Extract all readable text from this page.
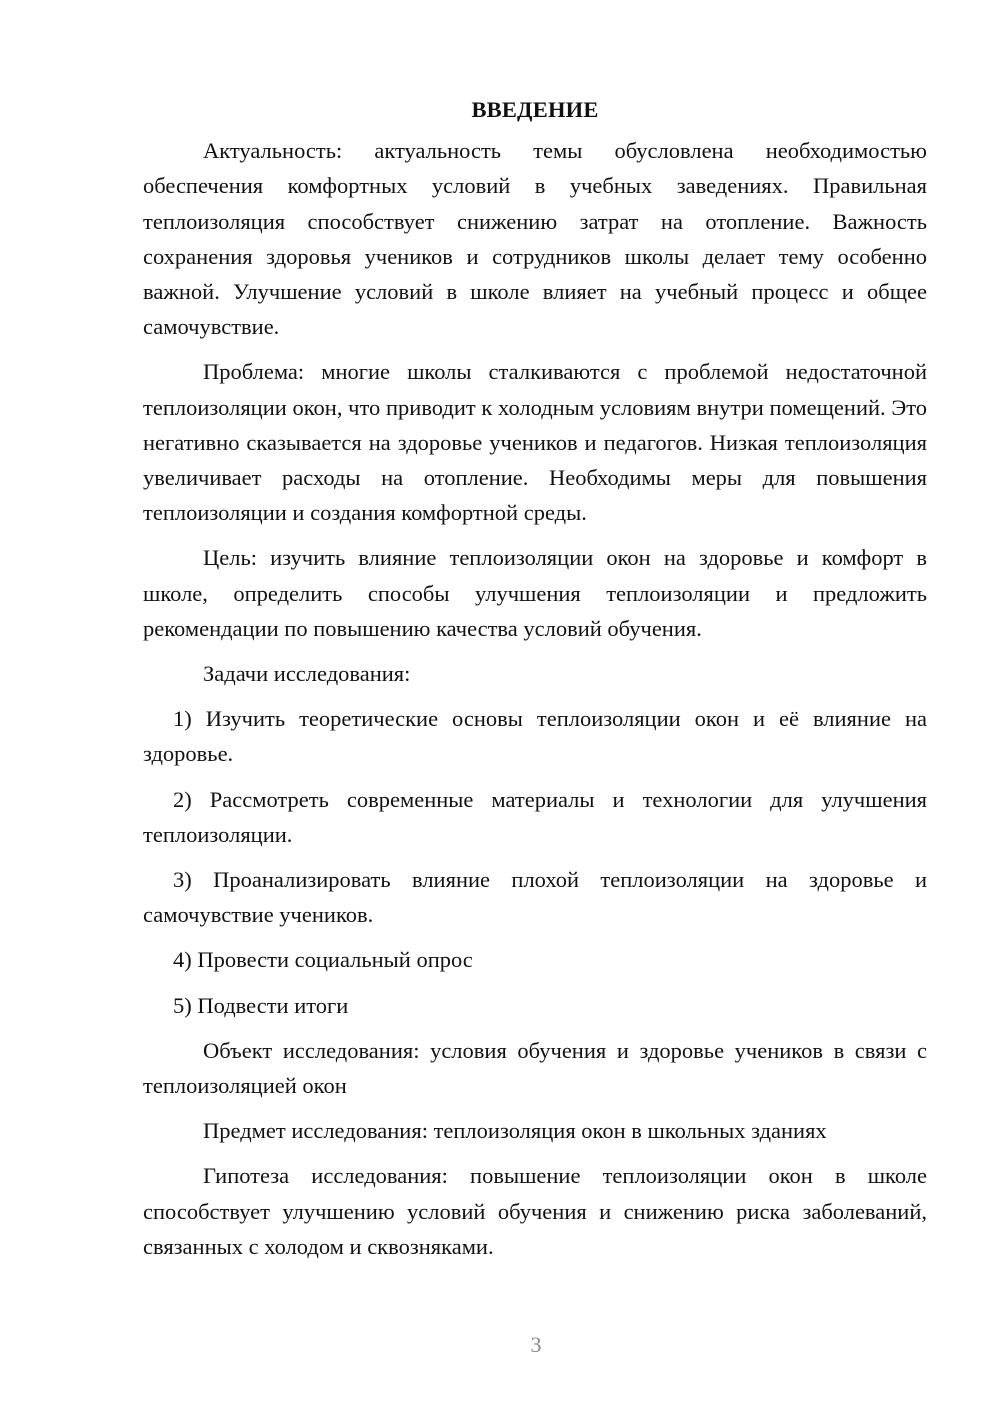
ВВЕДЕНИЕ

Актуальность: актуальность темы обусловлена необходимостью обеспечения комфортных условий в учебных заведениях. Правильная теплоизоляция способствует снижению затрат на отопление. Важность сохранения здоровья учеников и сотрудников школы делает тему особенно важной. Улучшение условий в школе влияет на учебный процесс и общее самочувствие.

Проблема: многие школы сталкиваются с проблемой недостаточной теплоизоляции окон, что приводит к холодным условиям внутри помещений. Это негативно сказывается на здоровье учеников и педагогов. Низкая теплоизоляция увеличивает расходы на отопление. Необходимы меры для повышения теплоизоляции и создания комфортной среды.

Цель: изучить влияние теплоизоляции окон на здоровье и комфорт в школе, определить способы улучшения теплоизоляции и предложить рекомендации по повышению качества условий обучения.

Задачи исследования:

1) Изучить теоретические основы теплоизоляции окон и её влияние на здоровье.

2) Рассмотреть современные материалы и технологии для улучшения теплоизоляции.

3) Проанализировать влияние плохой теплоизоляции на здоровье и самочувствие учеников.

4) Провести социальный опрос

5) Подвести итоги

Объект исследования: условия обучения и здоровье учеников в связи с теплоизоляцией окон

Предмет исследования: теплоизоляция окон в школьных зданиях

Гипотеза исследования: повышение теплоизоляции окон в школе способствует улучшению условий обучения и снижению риска заболеваний, связанных с холодом и сквозняками.

3
